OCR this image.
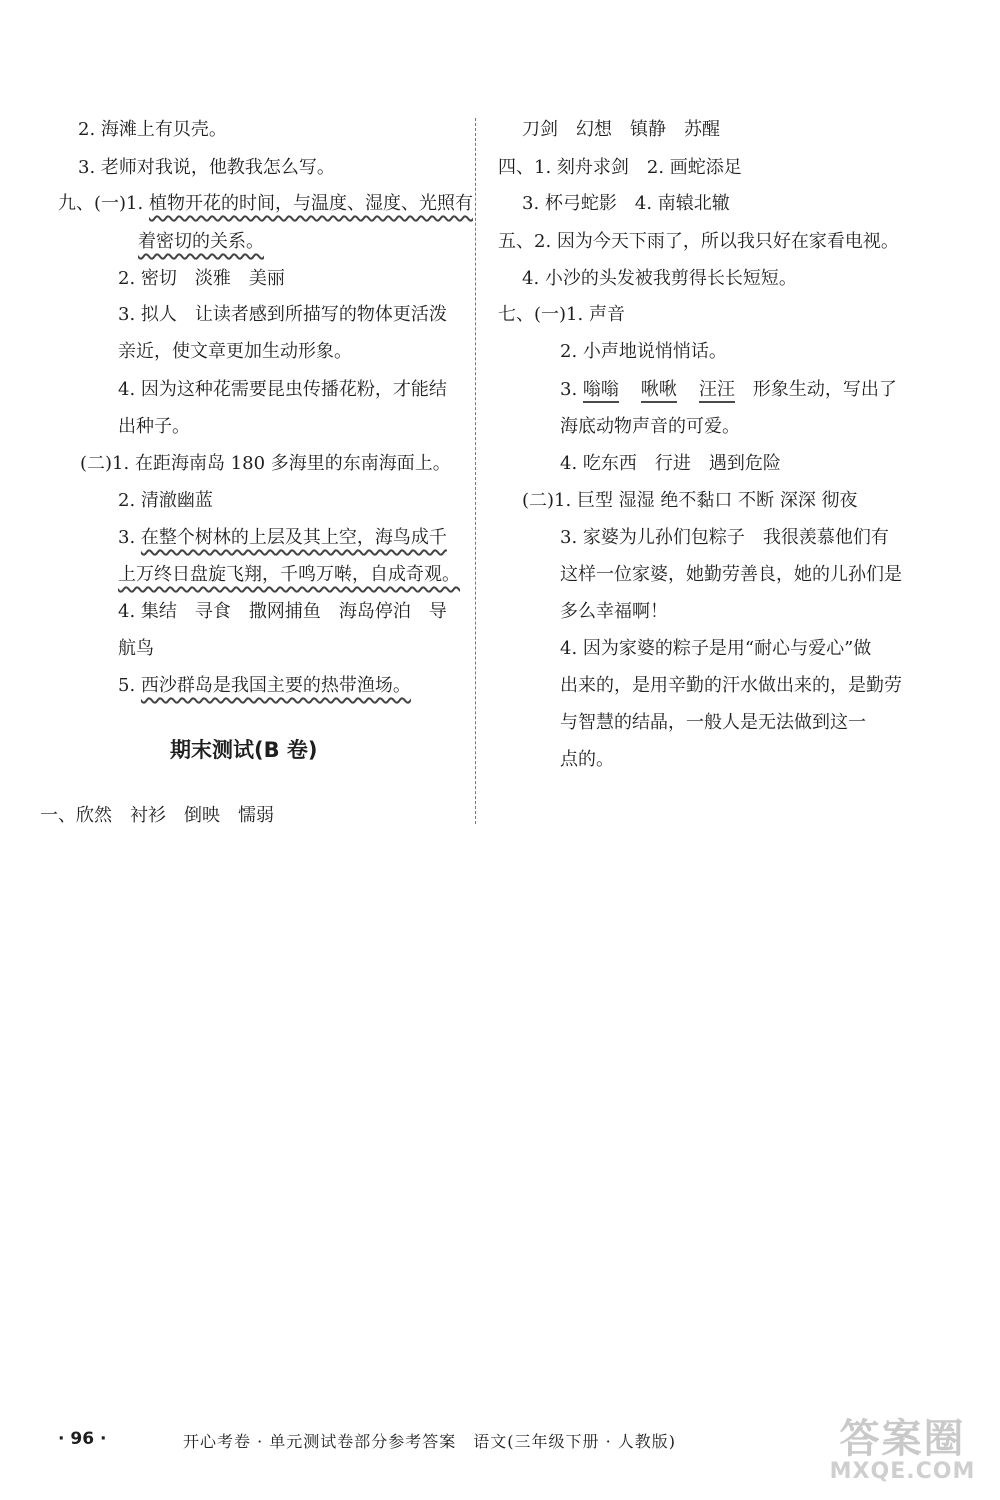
2. 海滩上有贝壳。
3. 老师对我说，他教我怎么写。
九、(一)1. 植物开花的时间，与温度、湿度、光照有
着密切的关系。
2. 密切　淡雅　美丽
3. 拟人　让读者感到所描写的物体更活泼
亲近，使文章更加生动形象。
4. 因为这种花需要昆虫传播花粉，才能结
出种子。
(二)1. 在距海南岛 180 多海里的东南海面上。
2. 清澈幽蓝
3. 在整个树林的上层及其上空，海鸟成千
上万终日盘旋飞翔，千鸣万啭，自成奇观。
4. 集结　寻食　撒网捕鱼　海岛停泊　导
航鸟
5. 西沙群岛是我国主要的热带渔场。
期末测试(B 卷)
一、欣然　衬衫　倒映　懦弱
刀剑　幻想　镇静　苏醒
四、1. 刻舟求剑　2. 画蛇添足
3. 杯弓蛇影　4. 南辕北辙
五、2. 因为今天下雨了，所以我只好在家看电视。
4. 小沙的头发被我剪得长长短短。
七、(一)1. 声音
2. 小声地说悄悄话。
3. 嗡嗡 啾啾 汪汪　形象生动，写出了
海底动物声音的可爱。
4. 吃东西　行进　遇到危险
(二)1. 巨型 湿湿 绝不黏口 不断 深深 彻夜
3. 家婆为儿孙们包粽子　我很羡慕他们有
这样一位家婆，她勤劳善良，她的儿孙们是
多么幸福啊！
4. 因为家婆的粽子是用“耐心与爱心”做
出来的，是用辛勤的汗水做出来的，是勤劳
与智慧的结晶，一般人是无法做到这一
点的。
· 96 ·	开心考卷 · 单元测试卷部分参考答案　语文(三年级下册 · 人教版)	答案圈
MXQE.COM
